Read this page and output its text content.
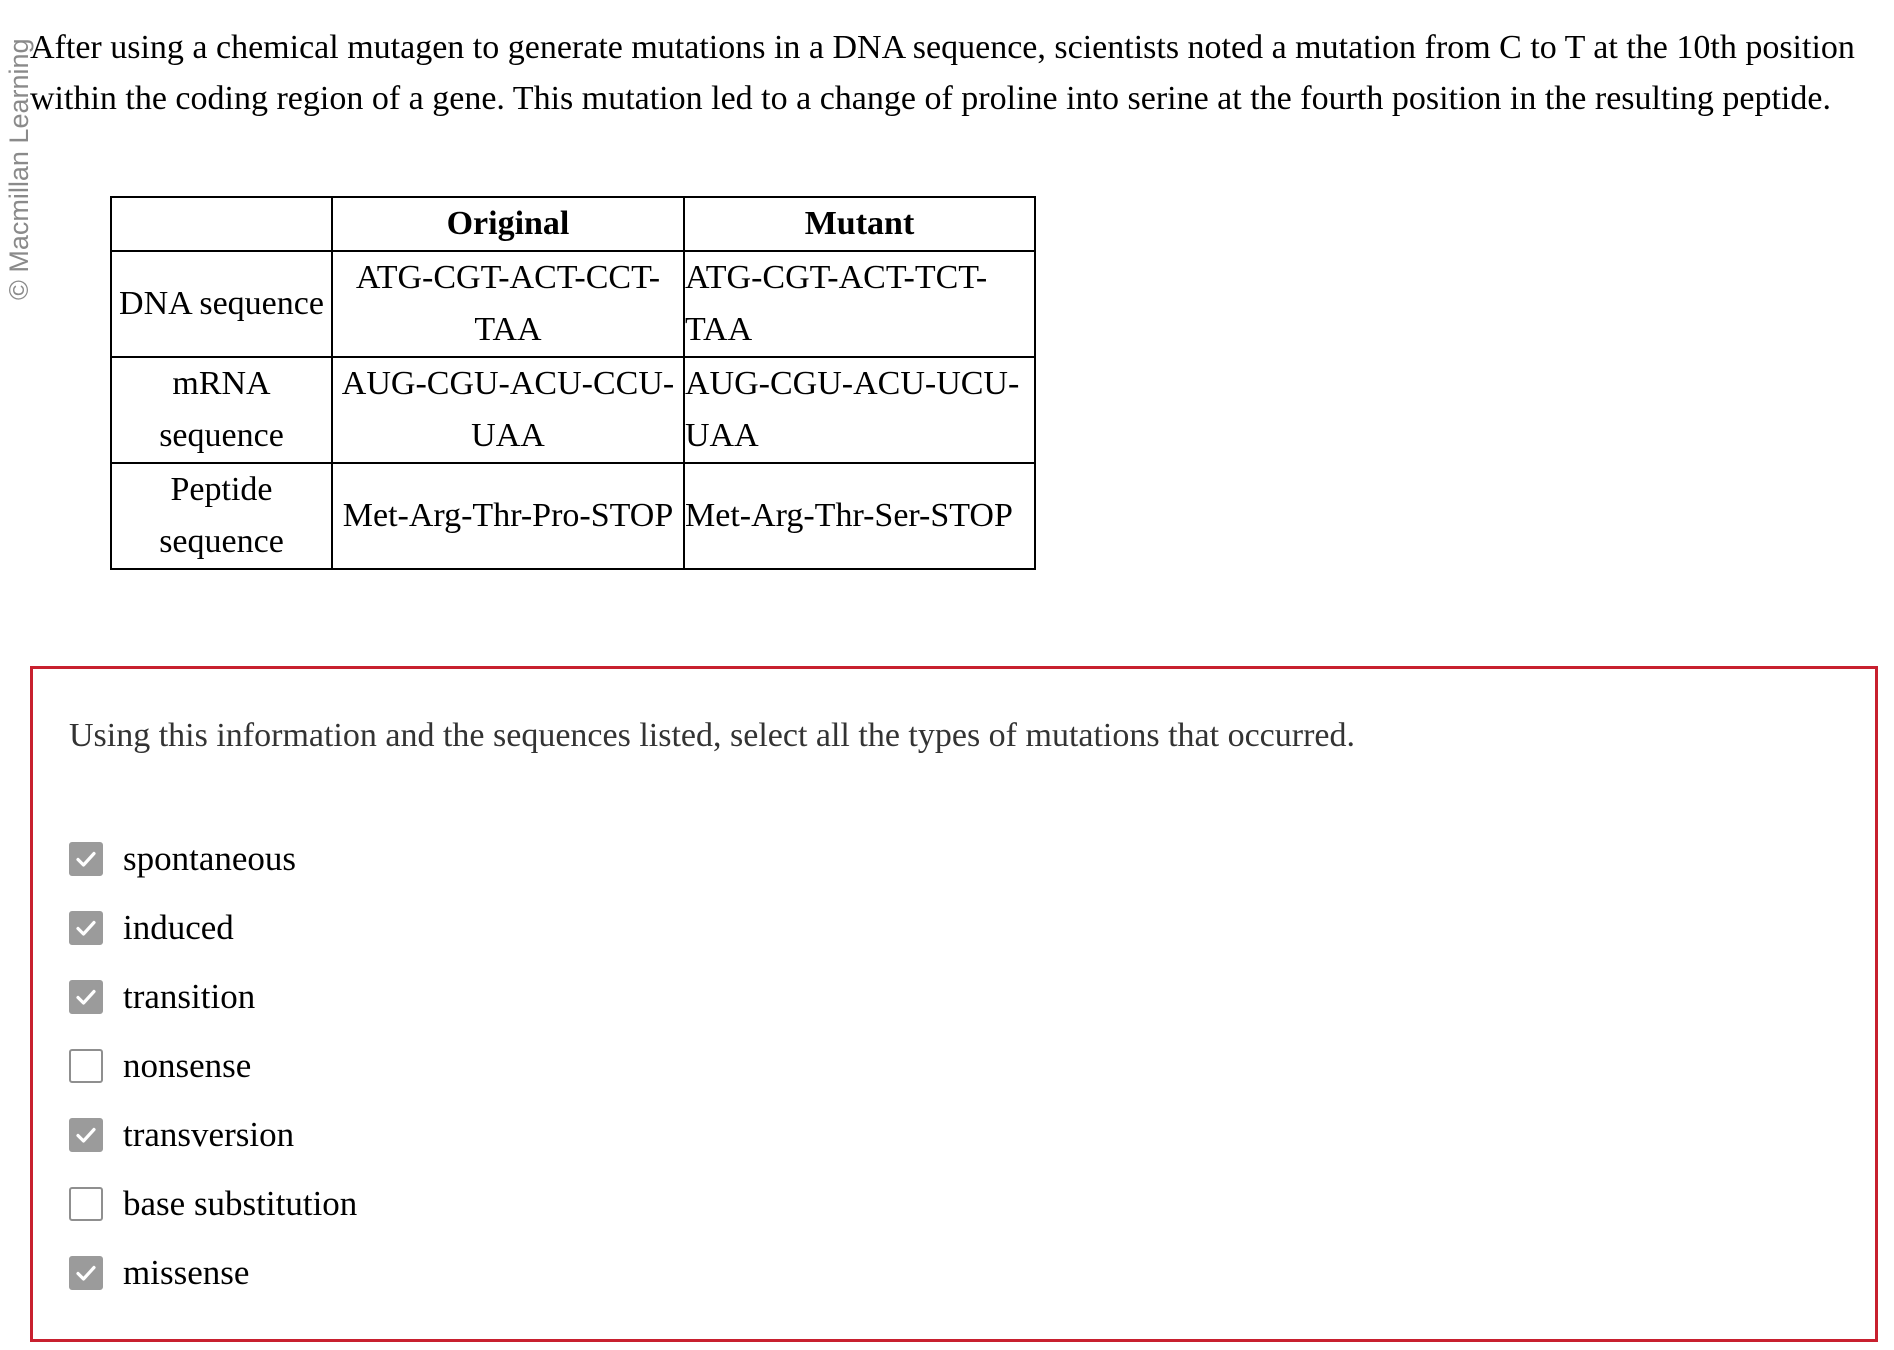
© Macmillan Learning

After using a chemical mutagen to generate mutations in a DNA sequence, scientists noted a mutation from C to T at the 10th position within the coding region of a gene. This mutation led to a change of proline into serine at the fourth position in the resulting peptide.

	Original	Mutant
DNA sequence	ATG-CGT-ACT-CCT-TAA	ATG-CGT-ACT-TCT-TAA
mRNA sequence	AUG-CGU-ACU-CCU-UAA	AUG-CGU-ACU-UCU-UAA
Peptide sequence	Met-Arg-Thr-Pro-STOP	Met-Arg-Thr-Ser-STOP

Using this information and the sequences listed, select all the types of mutations that occurred.

spontaneous
induced
transition
nonsense
transversion
base substitution
missense
